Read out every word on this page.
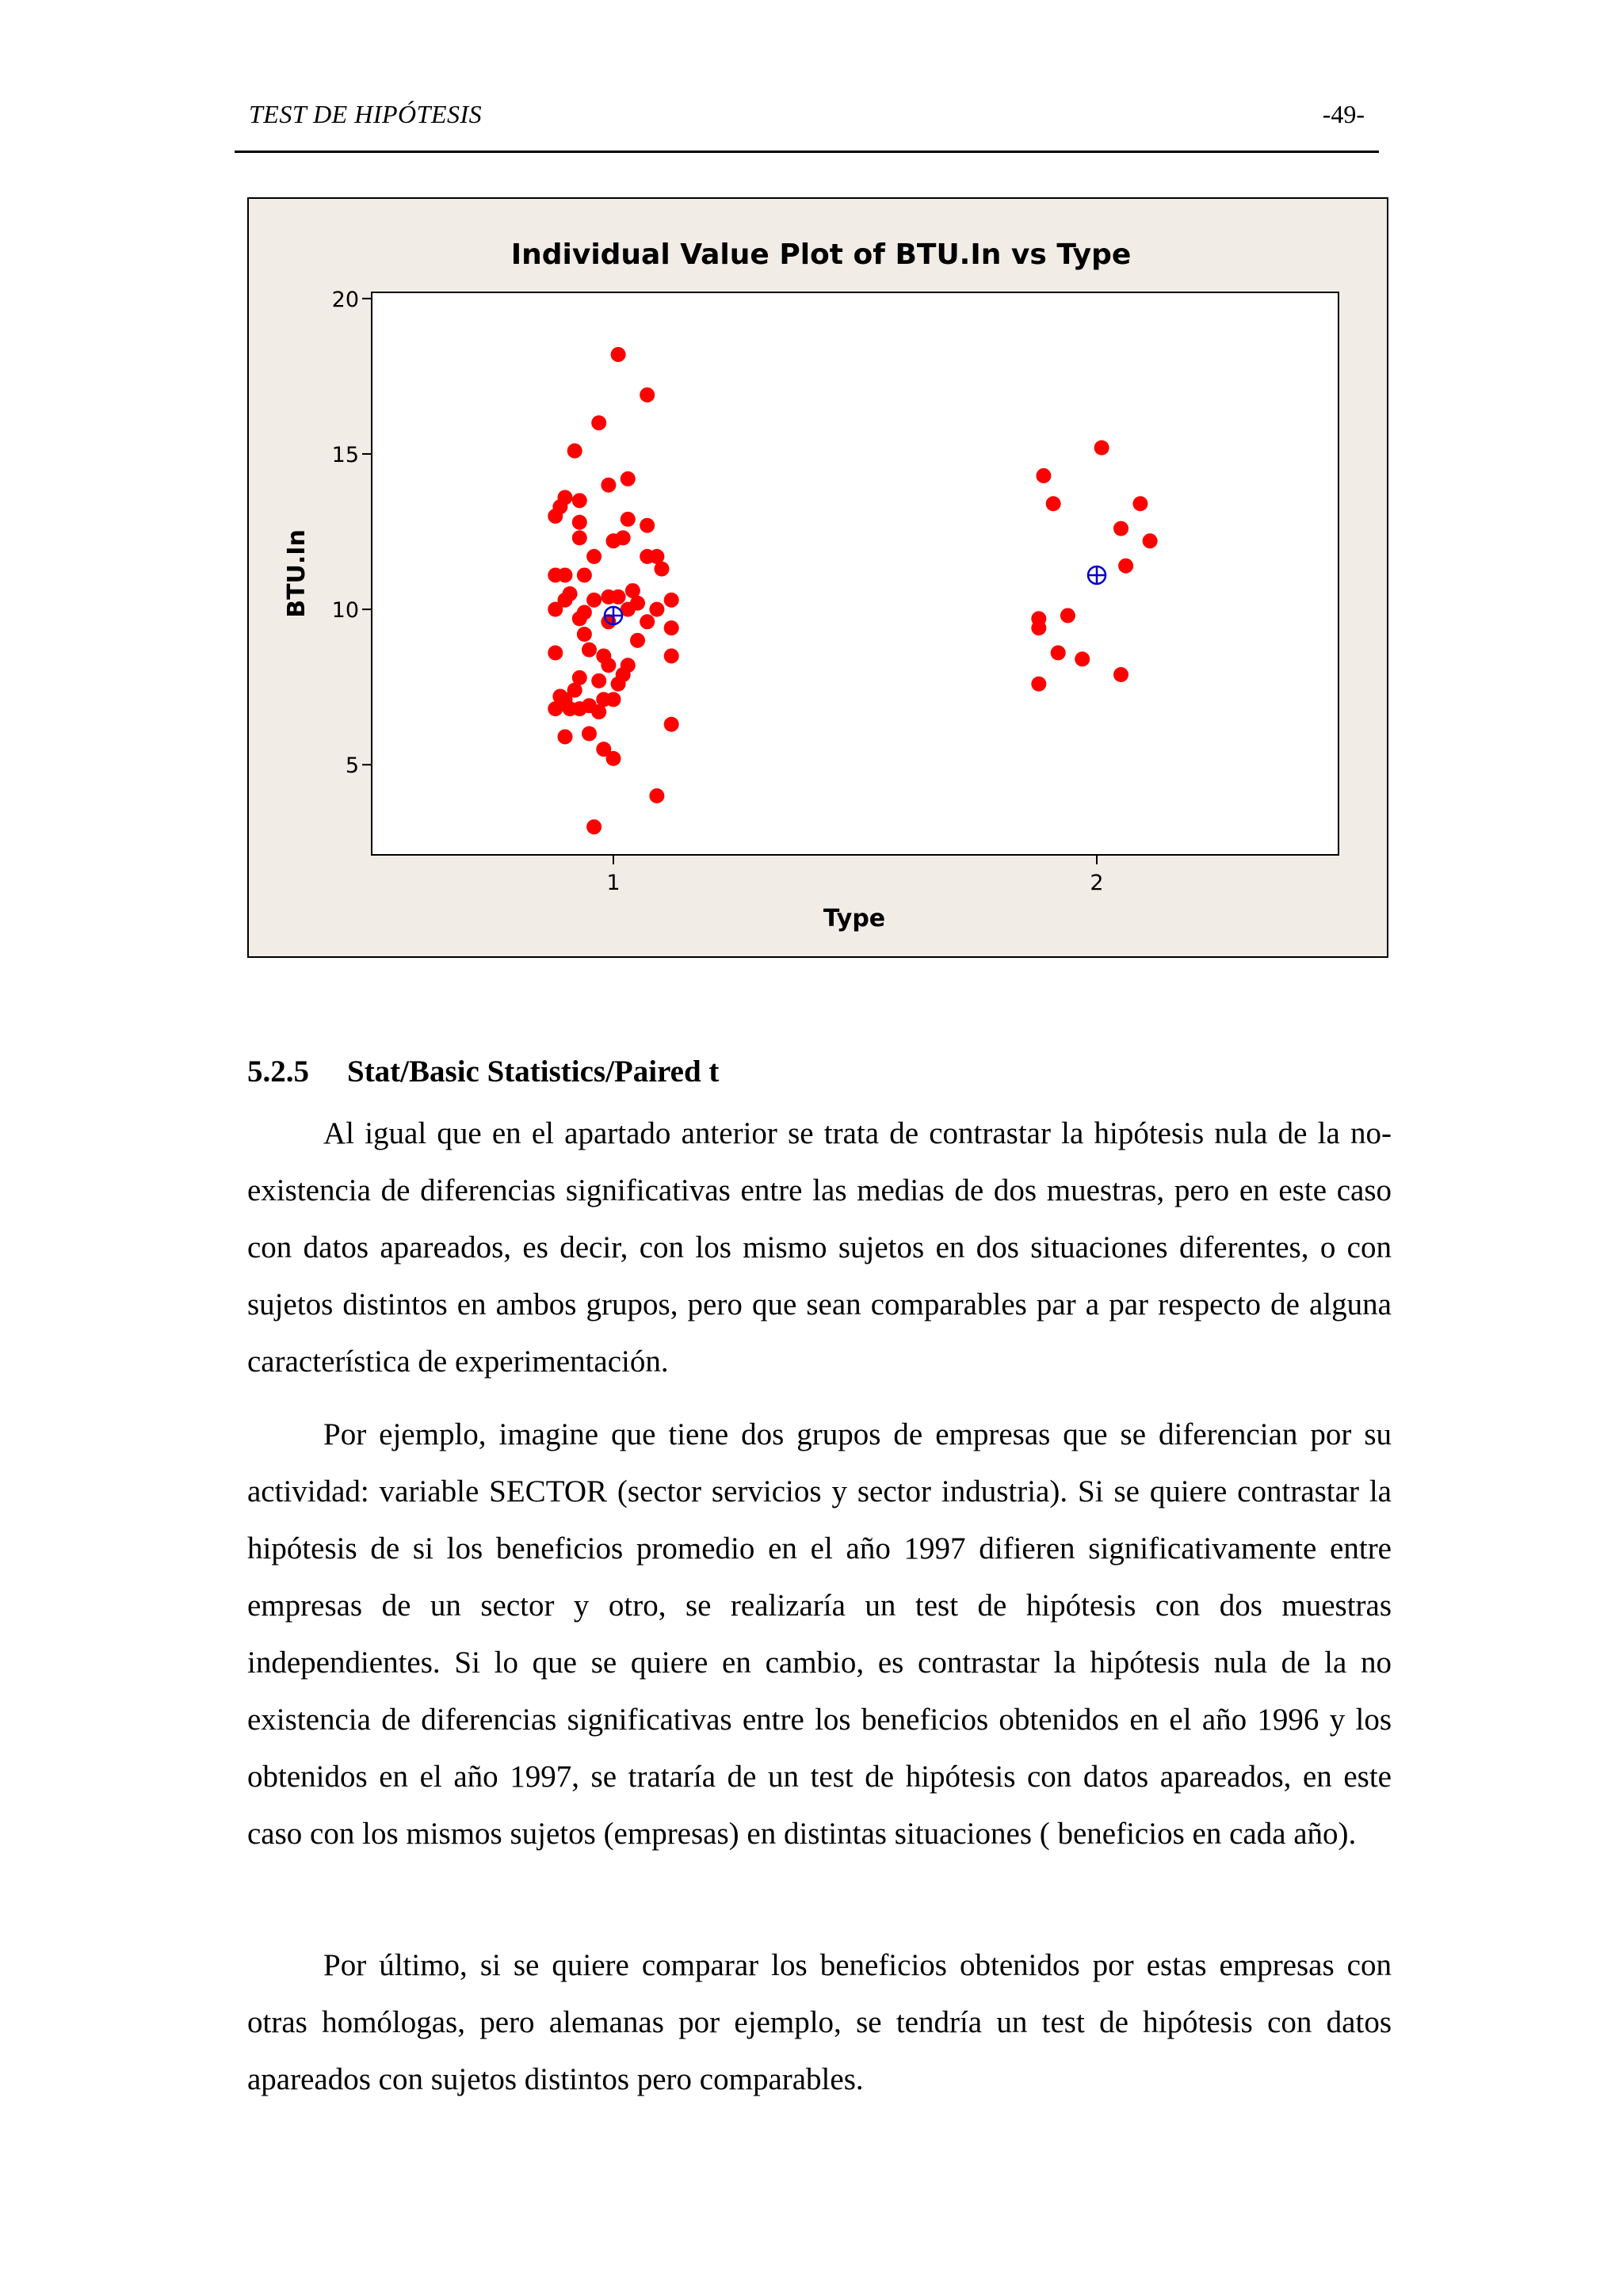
TEST DE HIPÓTESIS	-49-
Individual Value Plot of BTU.In vs Type
5
10
15
20
1	2
BTU.In
Type
5.2.5 Stat/Basic Statistics/Paired t

Al igual que en el apartado anterior se trata de contrastar la hipótesis nula de la no-existencia de diferencias significativas entre las medias de dos muestras, pero en este caso con datos apareados, es decir, con los mismo sujetos en dos situaciones diferentes, o con sujetos distintos en ambos grupos, pero que sean comparables par a par respecto de alguna característica de experimentación.

Por ejemplo, imagine que tiene dos grupos de empresas que se diferencian por su actividad: variable SECTOR (sector servicios y sector industria). Si se quiere contrastar la hipótesis de si los beneficios promedio en el año 1997 difieren significativamente entre empresas de un sector y otro, se realizaría un test de hipótesis con dos muestras independientes. Si lo que se quiere en cambio, es contrastar la hipótesis nula de la no existencia de diferencias significativas entre los beneficios obtenidos en el año 1996 y los obtenidos en el año 1997, se trataría de un test de hipótesis con datos apareados, en este caso con los mismos sujetos (empresas) en distintas situaciones ( beneficios en cada año).

Por último, si se quiere comparar los beneficios obtenidos por estas empresas con otras homólogas, pero alemanas por ejemplo, se tendría un test de hipótesis con datos apareados con sujetos distintos pero comparables.
